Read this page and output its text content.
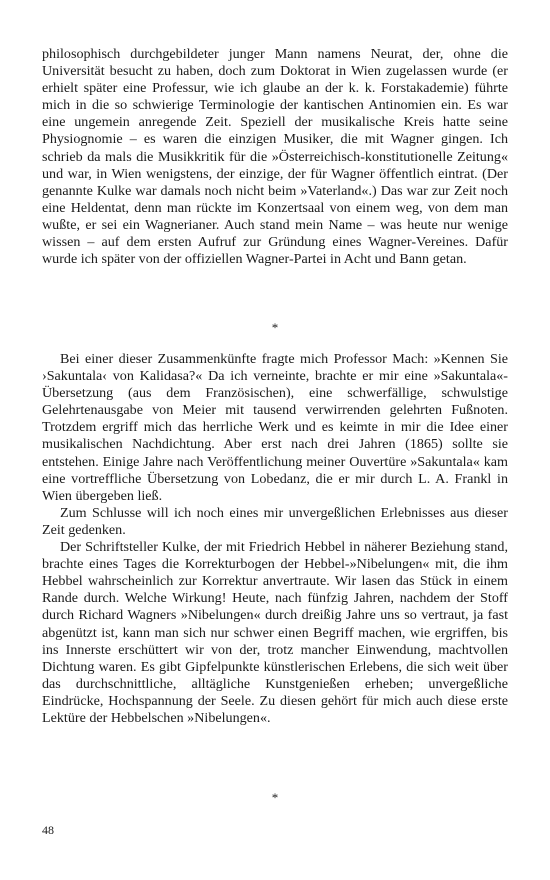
philosophisch durchgebildeter junger Mann namens Neurat, der, ohne die Universität besucht zu haben, doch zum Doktorat in Wien zugelassen wurde (er erhielt später eine Professur, wie ich glaube an der k. k. Forstakademie) führte mich in die so schwierige Terminologie der kantischen Antinomien ein. Es war eine ungemein anregende Zeit. Speziell der musikalische Kreis hatte seine Physiognomie – es waren die einzigen Musiker, die mit Wagner gingen. Ich schrieb da mals die Musikkritik für die »Österreichisch-konstitutionelle Zeitung« und war, in Wien wenigstens, der einzige, der für Wagner öffentlich eintrat. (Der genannte Kulke war damals noch nicht beim »Vaterland«.) Das war zur Zeit noch eine Heldentat, denn man rückte im Konzertsaal von einem weg, von dem man wußte, er sei ein Wagnerianer. Auch stand mein Name – was heute nur wenige wissen – auf dem ersten Aufruf zur Gründung eines Wagner-Vereines. Dafür wurde ich später von der offiziellen Wagner-Partei in Acht und Bann getan.

*

Bei einer dieser Zusammenkünfte fragte mich Professor Mach: »Kennen Sie ›Sakuntala‹ von Kalidasa?« Da ich verneinte, brachte er mir eine »Sakuntala«-Übersetzung (aus dem Französischen), eine schwerfällige, schwulstige Gelehrtenausgabe von Meier mit tausend verwirrenden gelehrten Fußnoten. Trotzdem ergriff mich das herrliche Werk und es keimte in mir die Idee einer musikalischen Nachdichtung. Aber erst nach drei Jahren (1865) sollte sie entstehen. Einige Jahre nach Veröffentlichung meiner Ouvertüre »Sakuntala« kam eine vortreffliche Übersetzung von Lobedanz, die er mir durch L. A. Frankl in Wien übergeben ließ.

Zum Schlusse will ich noch eines mir unvergeßlichen Erlebnisses aus dieser Zeit gedenken.

Der Schriftsteller Kulke, der mit Friedrich Hebbel in näherer Beziehung stand, brachte eines Tages die Korrekturbogen der Hebbel-»Nibelungen« mit, die ihm Hebbel wahrscheinlich zur Korrektur anvertraute. Wir lasen das Stück in einem Rande durch. Welche Wirkung! Heute, nach fünfzig Jahren, nachdem der Stoff durch Richard Wagners »Nibelungen« durch dreißig Jahre uns so vertraut, ja fast abgenützt ist, kann man sich nur schwer einen Begriff machen, wie ergriffen, bis ins Innerste erschüttert wir von der, trotz mancher Einwendung, machtvollen Dichtung waren. Es gibt Gipfelpunkte künstlerischen Erlebens, die sich weit über das durchschnittliche, alltägliche Kunstgenießen erheben; unvergeßliche Eindrücke, Hochspannung der Seele. Zu diesen gehört für mich auch diese erste Lektüre der Hebbelschen »Nibelungen«.

*
48
